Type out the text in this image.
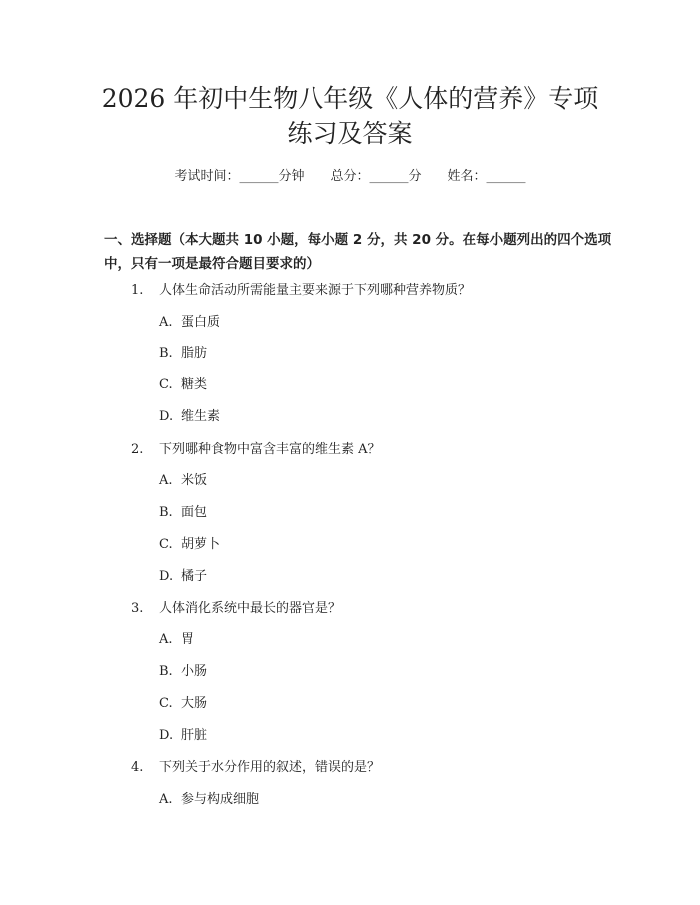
2026 年初中生物八年级《人体的营养》专项
练习及答案
考试时间：______分钟 总分：______分 姓名：______
一、选择题（本大题共 10 小题，每小题 2 分，共 20 分。在每小题列出的四个选项中，只有一项是最符合题目要求的）
1. 人体生命活动所需能量主要来源于下列哪种营养物质？
A. 蛋白质
B. 脂肪
C. 糖类
D. 维生素
2. 下列哪种食物中富含丰富的维生素 A？
A. 米饭
B. 面包
C. 胡萝卜
D. 橘子
3. 人体消化系统中最长的器官是？
A. 胃
B. 小肠
C. 大肠
D. 肝脏
4. 下列关于水分作用的叙述，错误的是？
A. 参与构成细胞
